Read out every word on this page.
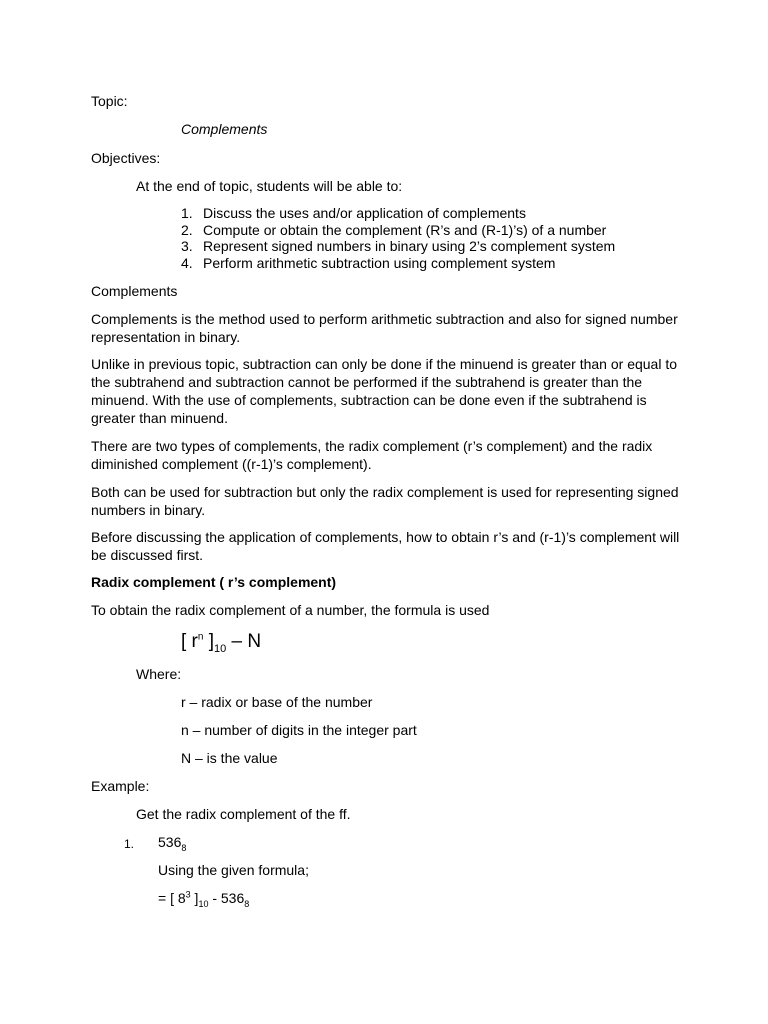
Topic:

Complements

Objectives:

At the end of topic, students will be able to:

1. Discuss the uses and/or application of complements
2. Compute or obtain the complement (R’s and (R-1)’s) of a number
3. Represent signed numbers in binary using 2’s complement system
4. Perform arithmetic subtraction using complement system

Complements

Complements is the method used to perform arithmetic subtraction and also for signed number representation in binary.

Unlike in previous topic, subtraction can only be done if the minuend is greater than or equal to the subtrahend and subtraction cannot be performed if the subtrahend is greater than the minuend. With the use of complements, subtraction can be done even if the subtrahend is greater than minuend.

There are two types of complements, the radix complement (r’s complement) and the radix diminished complement ((r-1)’s complement).

Both can be used for subtraction but only the radix complement is used for representing signed numbers in binary.

Before discussing the application of complements, how to obtain r’s and (r-1)’s complement will be discussed first.

Radix complement ( r’s complement)

To obtain the radix complement of a number, the formula is used

[ $r^n$ ]$_{10}$ – N

Where:

r – radix or base of the number

n – number of digits in the integer part

N – is the value

Example:

Get the radix complement of the ff.

1. $536_8$

Using the given formula;

= [ $8^3$ ]$_{10} - 536_8$
